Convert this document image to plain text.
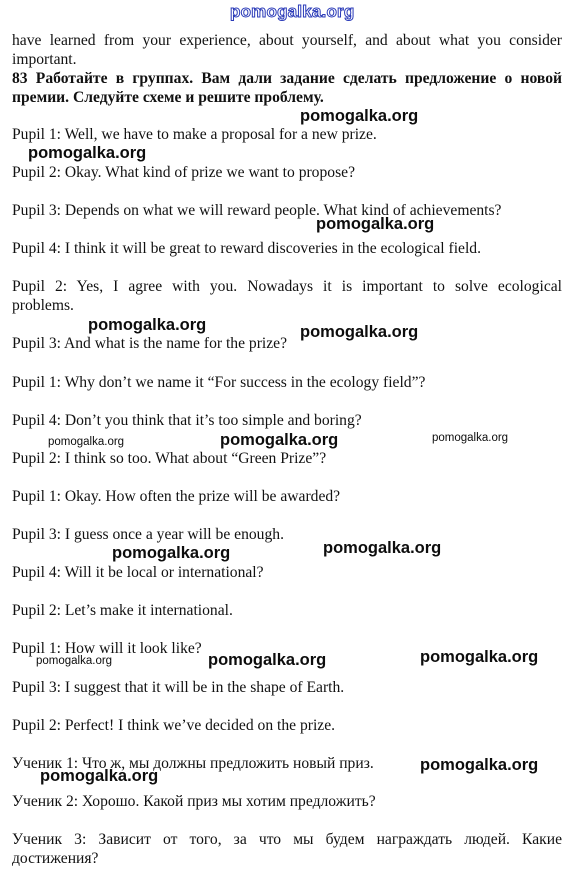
pomogalka.org
have learned from your experience, about yourself, and about what you consider
important.
83 Работайте в группах. Вам дали задание сделать предложение о новой
премии. Следуйте схеме и решите проблему.
Pupil 1: Well, we have to make a proposal for a new prize.
Pupil 2: Okay. What kind of prize we want to propose?
Pupil 3: Depends on what we will reward people. What kind of achievements?
Pupil 4: I think it will be great to reward discoveries in the ecological field.
Pupil 2: Yes, I agree with you. Nowadays it is important to solve ecological
problems.
Pupil 3: And what is the name for the prize?
Pupil 1: Why don’t we name it “For success in the ecology field”?
Pupil 4: Don’t you think that it’s too simple and boring?
Pupil 2: I think so too. What about “Green Prize”?
Pupil 1: Okay. How often the prize will be awarded?
Pupil 3: I guess once a year will be enough.
Pupil 4: Will it be local or international?
Pupil 2: Let’s make it international.
Pupil 1: How will it look like?
Pupil 3: I suggest that it will be in the shape of Earth.
Pupil 2: Perfect! I think we’ve decided on the prize.
Ученик 1: Что ж, мы должны предложить новый приз.
Ученик 2: Хорошо. Какой приз мы хотим предложить?
Ученик 3: Зависит от того, за что мы будем награждать людей. Какие
достижения?
pomogalka.org
pomogalka.org
pomogalka.org
pomogalka.org	pomogalka.org
pomogalka.org	pomogalka.org	pomogalka.org
pomogalka.org	pomogalka.org
pomogalka.org	pomogalka.org	pomogalka.org
pomogalka.org
pomogalka.org
